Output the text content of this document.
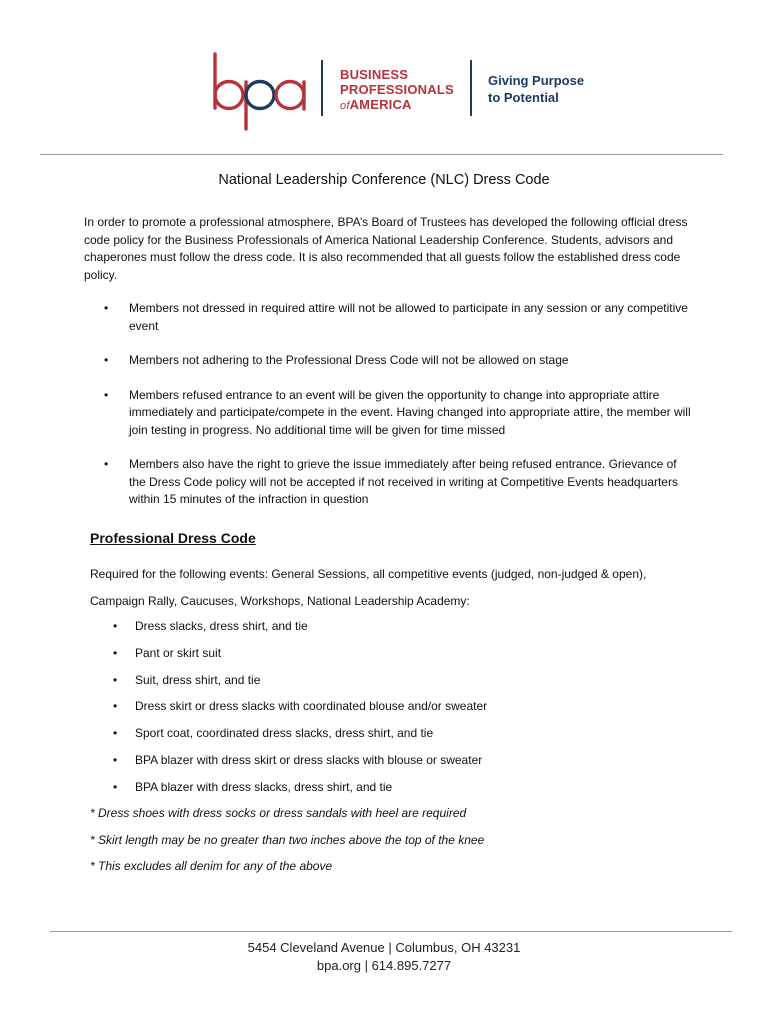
BUSINESS
PROFESSIONALS
ofAMERICA
Giving Purpose
to Potential
National Leadership Conference (NLC) Dress Code
In order to promote a professional atmosphere, BPA’s Board of Trustees has developed the following official dress code policy for the Business Professionals of America National Leadership Conference. Students, advisors and chaperones must follow the dress code. It is also recommended that all guests follow the established dress code policy.
• Members not dressed in required attire will not be allowed to participate in any session or any competitive event
• Members not adhering to the Professional Dress Code will not be allowed on stage
• Members refused entrance to an event will be given the opportunity to change into appropriate attire immediately and participate/compete in the event. Having changed into appropriate attire, the member will join testing in progress. No additional time will be given for time missed
• Members also have the right to grieve the issue immediately after being refused entrance. Grievance of the Dress Code policy will not be accepted if not received in writing at Competitive Events headquarters within 15 minutes of the infraction in question
Professional Dress Code
Required for the following events: General Sessions, all competitive events (judged, non-judged & open), Campaign Rally, Caucuses, Workshops, National Leadership Academy:
• Dress slacks, dress shirt, and tie
• Pant or skirt suit
• Suit, dress shirt, and tie
• Dress skirt or dress slacks with coordinated blouse and/or sweater
• Sport coat, coordinated dress slacks, dress shirt, and tie
• BPA blazer with dress skirt or dress slacks with blouse or sweater
• BPA blazer with dress slacks, dress shirt, and tie
* Dress shoes with dress socks or dress sandals with heel are required
* Skirt length may be no greater than two inches above the top of the knee
* This excludes all denim for any of the above
5454 Cleveland Avenue | Columbus, OH 43231
bpa.org | 614.895.7277
